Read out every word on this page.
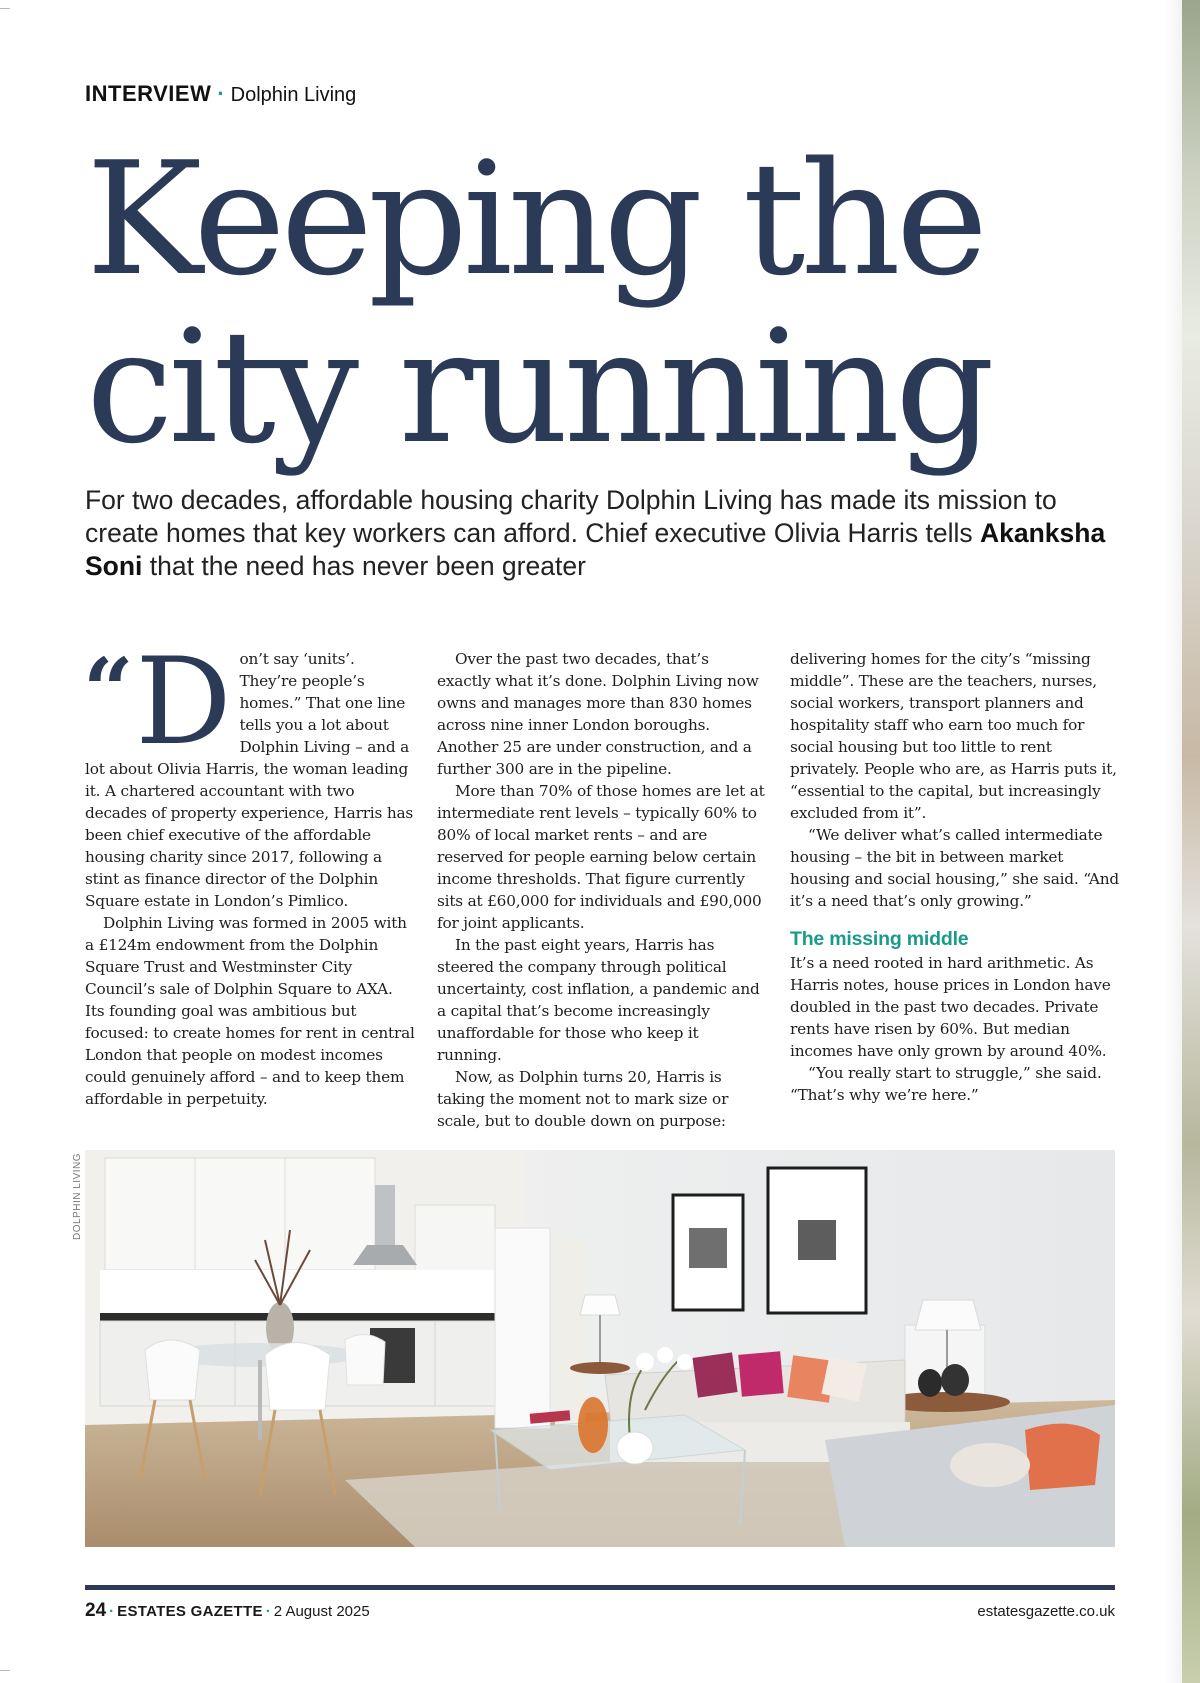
INTERVIEW · Dolphin Living
Keeping the
city running
For two decades, affordable housing charity Dolphin Living has made its mission to create homes that key workers can afford. Chief executive Olivia Harris tells Akanksha Soni that the need has never been greater
“ D on’t say ‘units’. They’re people’s homes.” That one line tells you a lot about Dolphin Living – and a lot about Olivia Harris, the woman leading it. A chartered accountant with two decades of property experience, Harris has been chief executive of the affordable housing charity since 2017, following a stint as finance director of the Dolphin Square estate in London’s Pimlico.

Dolphin Living was formed in 2005 with a £124m endowment from the Dolphin Square Trust and Westminster City Council’s sale of Dolphin Square to AXA. Its founding goal was ambitious but focused: to create homes for rent in central London that people on modest incomes could genuinely afford – and to keep them affordable in perpetuity.

Over the past two decades, that’s exactly what it’s done. Dolphin Living now owns and manages more than 830 homes across nine inner London boroughs. Another 25 are under construction, and a further 300 are in the pipeline.

More than 70% of those homes are let at intermediate rent levels – typically 60% to 80% of local market rents – and are reserved for people earning below certain income thresholds. That figure currently sits at £60,000 for individuals and £90,000 for joint applicants.

In the past eight years, Harris has steered the company through political uncertainty, cost inflation, a pandemic and a capital that’s become increasingly unaffordable for those who keep it running.

Now, as Dolphin turns 20, Harris is taking the moment not to mark size or scale, but to double down on purpose:

delivering homes for the city’s “missing middle”. These are the teachers, nurses, social workers, transport planners and hospitality staff who earn too much for social housing but too little to rent privately. People who are, as Harris puts it, “essential to the capital, but increasingly excluded from it”.

“We deliver what’s called intermediate housing – the bit in between market housing and social housing,” she said. “And it’s a need that’s only growing.”

The missing middle

It’s a need rooted in hard arithmetic. As Harris notes, house prices in London have doubled in the past two decades. Private rents have risen by 60%. But median incomes have only grown by around 40%.

“You really start to struggle,” she said. “That’s why we’re here.”

DOLPHIN LIVING
24 · ESTATES GAZETTE · 2 August 2025	estatesgazette.co.uk
